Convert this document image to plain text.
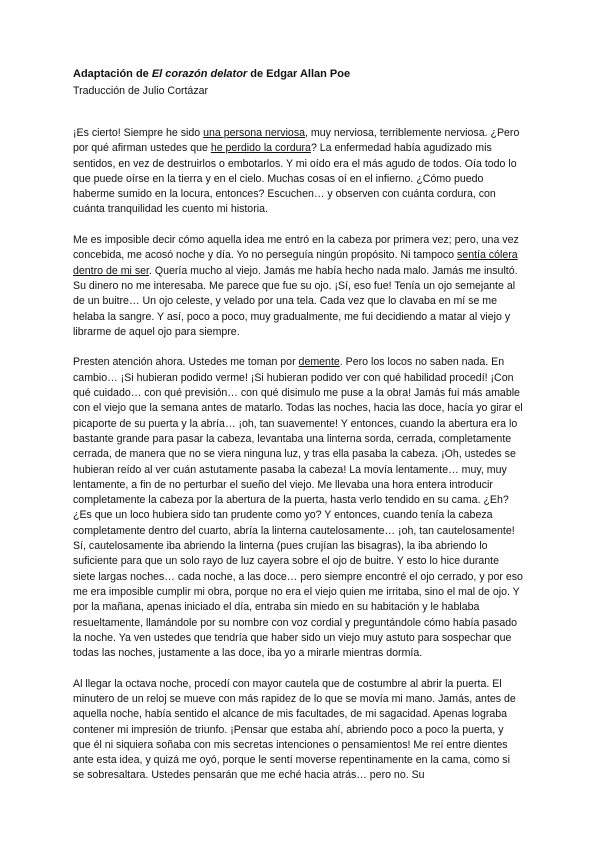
Adaptación de El corazón delator de Edgar Allan Poe

Traducción de Julio Cortázar

¡Es cierto! Siempre he sido una persona nerviosa, muy nerviosa, terriblemente nerviosa. ¿Pero por qué afirman ustedes que he perdido la cordura? La enfermedad había agudizado mis sentidos, en vez de destruirlos o embotarlos. Y mi oído era el más agudo de todos. Oía todo lo que puede oírse en la tierra y en el cielo. Muchas cosas oí en el infierno. ¿Cómo puedo haberme sumido en la locura, entonces? Escuchen… y observen con cuánta cordura, con cuánta tranquilidad les cuento mi historia.

Me es imposible decir cómo aquella idea me entró en la cabeza por primera vez; pero, una vez concebida, me acosó noche y día. Yo no perseguía ningún propósito. Ni tampoco sentía cólera dentro de mi ser. Quería mucho al viejo. Jamás me había hecho nada malo. Jamás me insultó. Su dinero no me interesaba. Me parece que fue su ojo. ¡Sí, eso fue! Tenía un ojo semejante al de un buitre… Un ojo celeste, y velado por una tela. Cada vez que lo clavaba en mí se me helaba la sangre. Y así, poco a poco, muy gradualmente, me fui decidiendo a matar al viejo y librarme de aquel ojo para siempre.

Presten atención ahora. Ustedes me toman por demente. Pero los locos no saben nada. En cambio… ¡Si hubieran podido verme! ¡Si hubieran podido ver con qué habilidad procedí! ¡Con qué cuidado… con qué previsión… con qué disimulo me puse a la obra! Jamás fui más amable con el viejo que la semana antes de matarlo. Todas las noches, hacia las doce, hacía yo girar el picaporte de su puerta y la abría… ¡oh, tan suavemente! Y entonces, cuando la abertura era lo bastante grande para pasar la cabeza, levantaba una linterna sorda, cerrada, completamente cerrada, de manera que no se viera ninguna luz, y tras ella pasaba la cabeza. ¡Oh, ustedes se hubieran reído al ver cuán astutamente pasaba la cabeza! La movía lentamente… muy, muy lentamente, a fin de no perturbar el sueño del viejo. Me llevaba una hora entera introducir completamente la cabeza por la abertura de la puerta, hasta verlo tendido en su cama. ¿Eh? ¿Es que un loco hubiera sido tan prudente como yo? Y entonces, cuando tenía la cabeza completamente dentro del cuarto, abría la linterna cautelosamente… ¡oh, tan cautelosamente! Sí, cautelosamente iba abriendo la linterna (pues crujían las bisagras), la iba abriendo lo suficiente para que un solo rayo de luz cayera sobre el ojo de buitre. Y esto lo hice durante siete largas noches… cada noche, a las doce… pero siempre encontré el ojo cerrado, y por eso me era imposible cumplir mi obra, porque no era el viejo quien me irritaba, sino el mal de ojo. Y por la mañana, apenas iniciado el día, entraba sin miedo en su habitación y le hablaba resueltamente, llamándole por su nombre con voz cordial y preguntándole cómo había pasado la noche. Ya ven ustedes que tendría que haber sido un viejo muy astuto para sospechar que todas las noches, justamente a las doce, iba yo a mirarle mientras dormía.

Al llegar la octava noche, procedí con mayor cautela que de costumbre al abrir la puerta. El minutero de un reloj se mueve con más rapidez de lo que se movía mi mano. Jamás, antes de aquella noche, había sentido el alcance de mis facultades, de mi sagacidad. Apenas lograba contener mi impresión de triunfo. ¡Pensar que estaba ahí, abriendo poco a poco la puerta, y que él ni siquiera soñaba con mis secretas intenciones o pensamientos! Me reí entre dientes ante esta idea, y quizá me oyó, porque le sentí moverse repentinamente en la cama, como si se sobresaltara. Ustedes pensarán que me eché hacia atrás… pero no. Su
